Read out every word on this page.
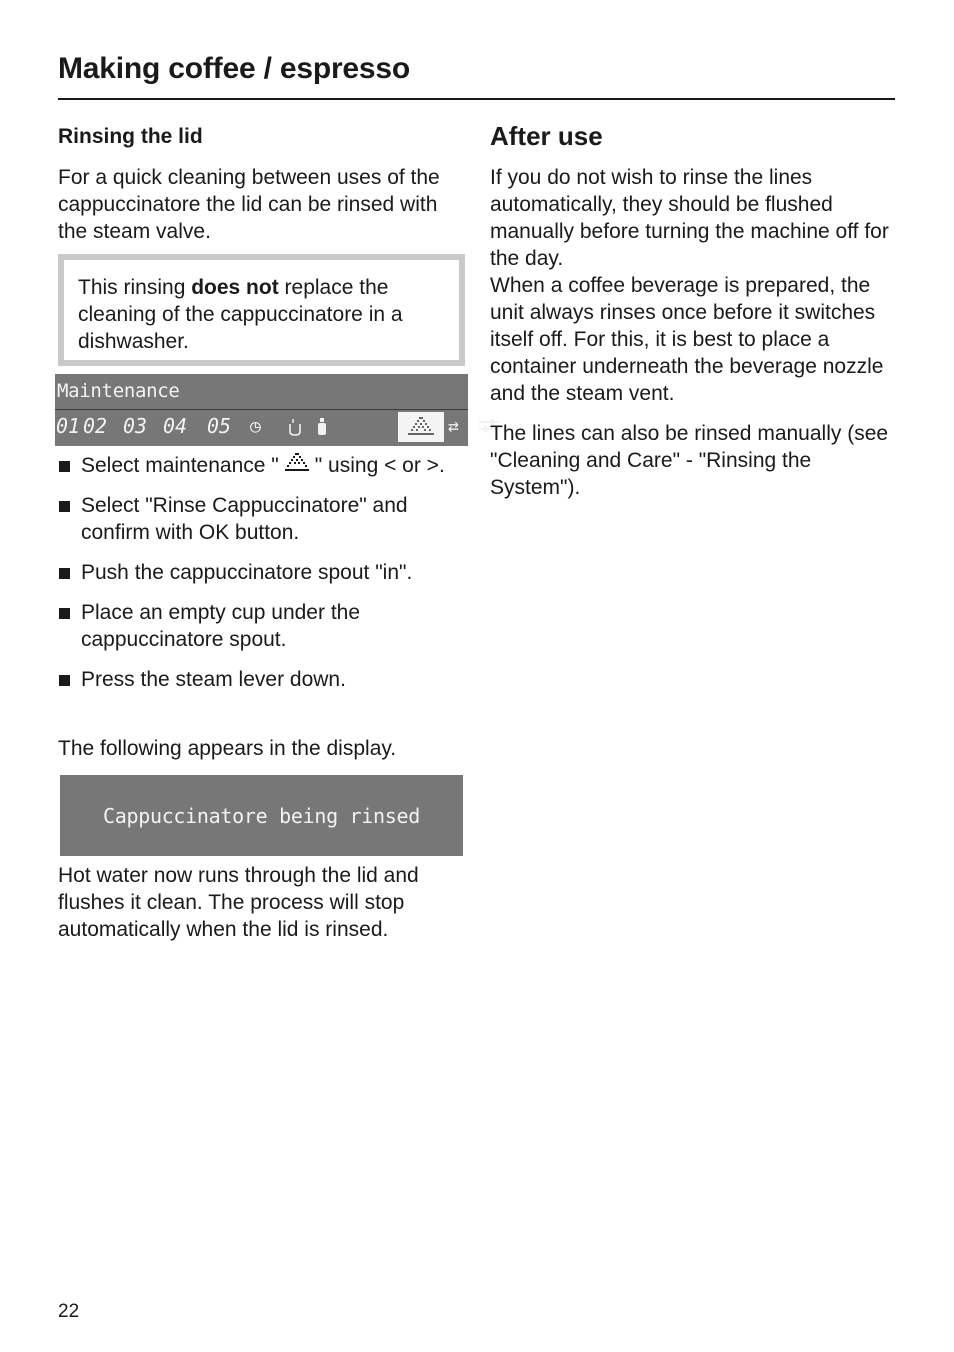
Making coffee / espresso
Rinsing the lid

For a quick cleaning between uses of the cappuccinatore the lid can be rinsed with the steam valve.

This rinsing does not replace the cleaning of the cappuccinatore in a dishwasher.
Maintenance
01 02 03 04 05 ◷	⇄
Select maintenance " " using < or >.
Select "Rinse Cappuccinatore" and confirm with OK button.
Push the cappuccinatore spout "in".
Place an empty cup under the cappuccinatore spout.
Press the steam lever down.

The following appears in the display.

Cappuccinatore being rinsed

Hot water now runs through the lid and flushes it clean. The process will stop automatically when the lid is rinsed.

After use

If you do not wish to rinse the lines automatically, they should be flushed manually before turning the machine off for the day.

When a coffee beverage is prepared, the unit always rinses once before it switches itself off. For this, it is best to place a container underneath the beverage nozzle and the steam vent.

The lines can also be rinsed manually (see "Cleaning and Care" - "Rinsing the System").

22
